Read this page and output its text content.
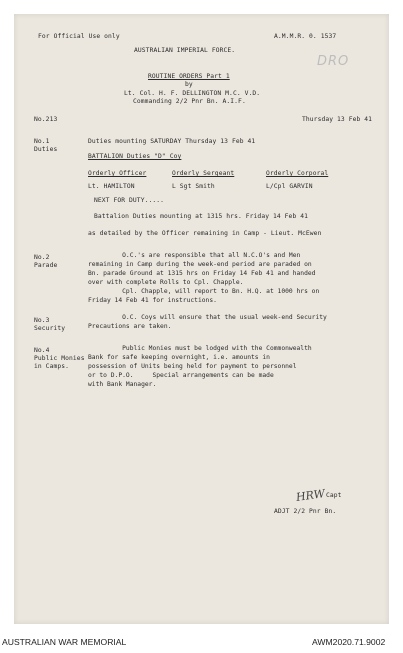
For Official Use only	A.M.M.R. 0. 1537
DRO
AUSTRALIAN IMPERIAL FORCE.
ROUTINE ORDERS Part 1
by
Lt. Col. H. F. DELLINGTON M.C. V.D.
Commanding 2/2 Pnr Bn. A.I.F.
No.213	Thursday 13 Feb 41
No.1
Duties
Duties mounting SATURDAY Thursday 13 Feb 41
BATTALION Duties "D" Coy
Orderly Officer	Orderly Sergeant	Orderly Corporal
Lt. HAMILTON	L Sgt Smith	L/Cpl GARVIN
NEXT FOR DUTY.....
Battalion Duties mounting at 1315 hrs. Friday 14 Feb 41
as detailed by the Officer remaining in Camp - Lieut. McEwen
No.2
Parade
O.C.'s are responsible that all N.C.O's and Men
remaining in Camp during the week-end period are paraded on
Bn. parade Ground at 1315 hrs on Friday 14 Feb 41 and handed
over with complete Rolls to Cpl. Chapple.
Cpl. Chapple, will report to Bn. H.Q. at 1000 hrs on
Friday 14 Feb 41 for instructions.
No.3
Security
O.C. Coys will ensure that the usual week-end Security
Precautions are taken.
No.4
Public Monies
in Camps.
Public Monies must be lodged with the Commonwealth
Bank for safe keeping overnight, i.e. amounts in
possession of Units being held for payment to personnel
or to D.P.O.     Special arrangements can be made
with Bank Manager.
HRW Capt
ADJT 2/2 Pnr Bn.
AUSTRALIAN WAR MEMORIAL	AWM2020.71.9002
